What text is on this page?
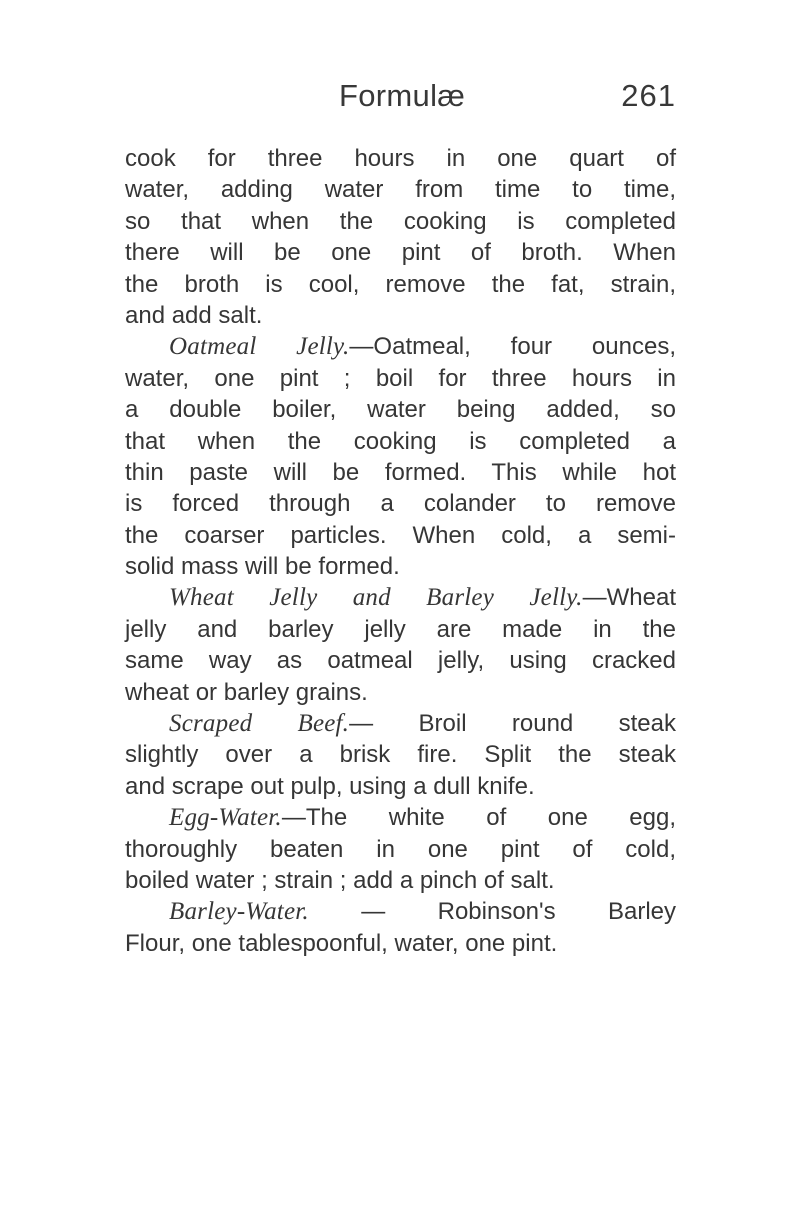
Formulæ	261
cook for three hours in one quart of
water, adding water from time to time,
so that when the cooking is completed
there will be one pint of broth. When
the broth is cool, remove the fat, strain,
and add salt.
Oatmeal Jelly.—Oatmeal, four ounces,
water, one pint ; boil for three hours in
a double boiler, water being added, so
that when the cooking is completed a
thin paste will be formed. This while hot
is forced through a colander to remove
the coarser particles. When cold, a semi-
solid mass will be formed.
Wheat Jelly and Barley Jelly.—Wheat
jelly and barley jelly are made in the
same way as oatmeal jelly, using cracked
wheat or barley grains.
Scraped Beef.— Broil round steak
slightly over a brisk fire. Split the steak
and scrape out pulp, using a dull knife.
Egg-Water.—The white of one egg,
thoroughly beaten in one pint of cold,
boiled water ; strain ; add a pinch of salt.
Barley-Water. — Robinson's Barley
Flour, one tablespoonful, water, one pint.
